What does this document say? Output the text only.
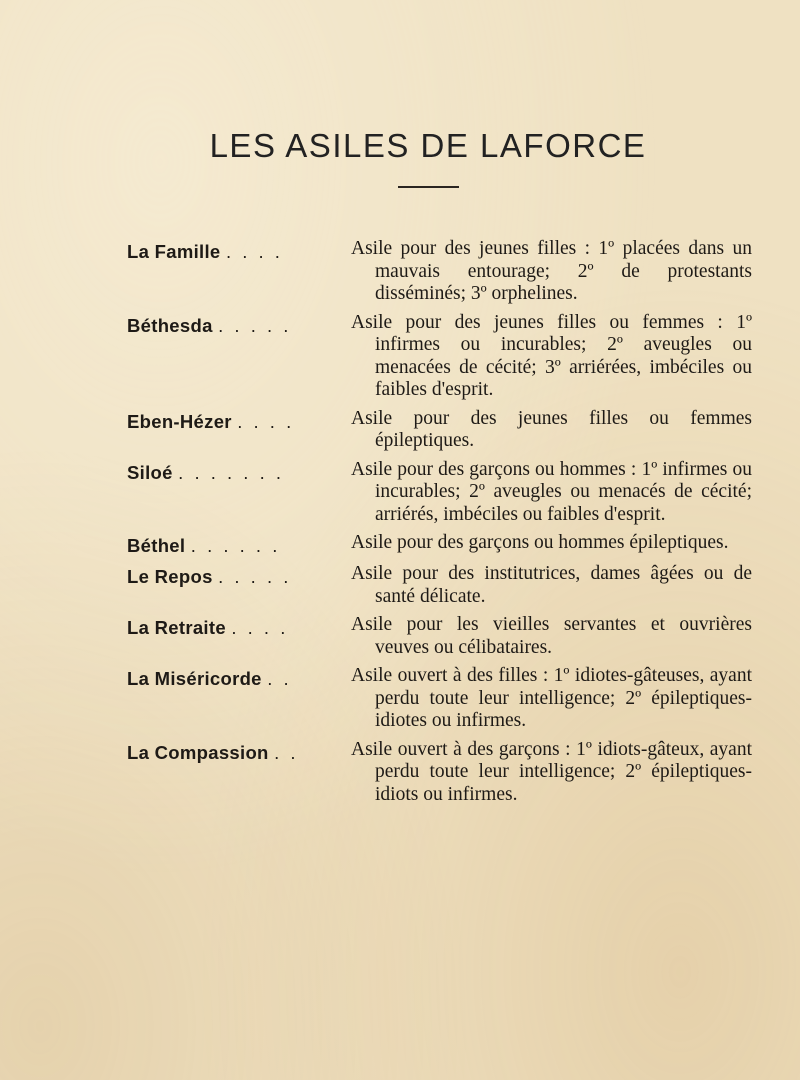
LES ASILES DE LAFORCE
La Famille . . . .	Asile pour des jeunes filles : 1º placées dans un mauvais entourage; 2º de protestants disséminés; 3º orphelines.
Béthesda . . . . .	Asile pour des jeunes filles ou femmes : 1º infirmes ou incurables; 2º aveugles ou menacées de cécité; 3º arriérées, imbéciles ou faibles d'esprit.
Eben-Hézer . . . .	Asile pour des jeunes filles ou femmes épileptiques.
Siloé . . . . . . .	Asile pour des garçons ou hommes : 1º infirmes ou incurables; 2º aveugles ou menacés de cécité; arriérés, imbéciles ou faibles d'esprit.
Béthel . . . . . .	Asile pour des garçons ou hommes épileptiques.
Le Repos . . . . .	Asile pour des institutrices, dames âgées ou de santé délicate.
La Retraite . . . .	Asile pour les vieilles servantes et ouvrières veuves ou célibataires.
La Miséricorde . .	Asile ouvert à des filles : 1º idiotes-gâteuses, ayant perdu toute leur intelligence; 2º épileptiques-idiotes ou infirmes.
La Compassion . .	Asile ouvert à des garçons : 1º idiots-gâteux, ayant perdu toute leur intelligence; 2º épileptiques-idiots ou infirmes.
